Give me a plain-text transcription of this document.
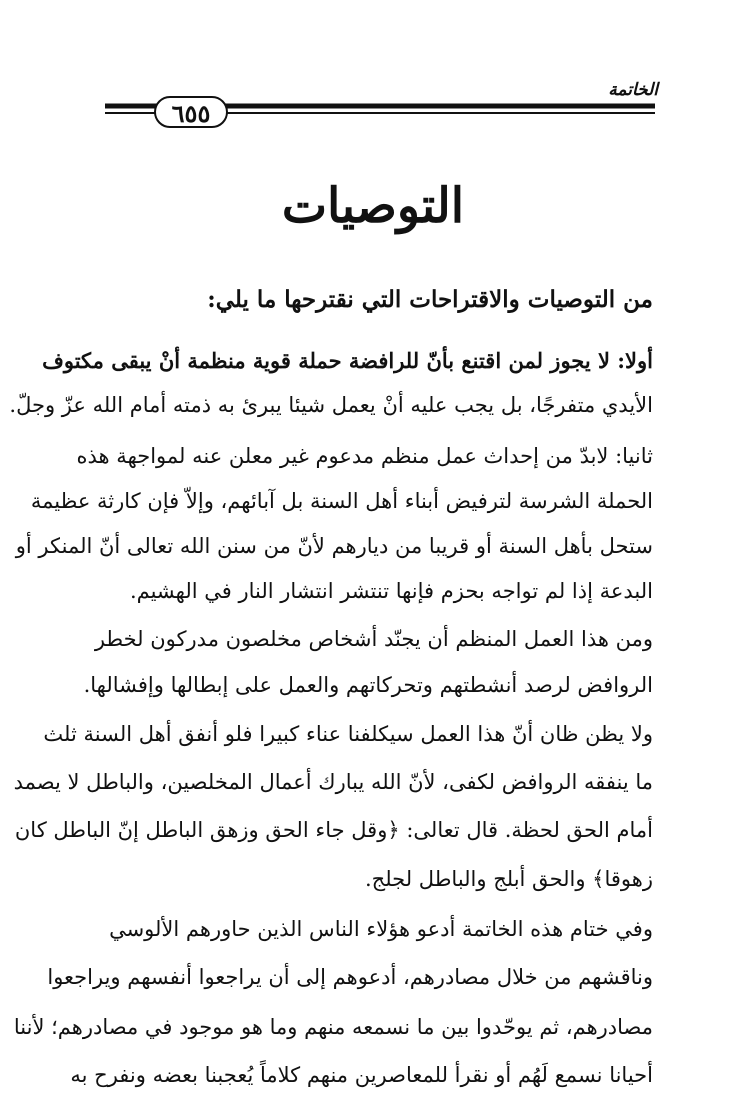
الخاتمة
٦٥٥
التوصيات
من التوصيات والاقتراحات التي نقترحها ما يلي:
أولا: لا يجوز لمن اقتنع بأنّ للرافضة حملة قوية منظمة أنْ يبقى مكتوف
الأيدي متفرجًا، بل يجب عليه أنْ يعمل شيئا يبرئ به ذمته أمام الله عزّ وجلّ.
ثانيا: لابدّ من إحداث عمل منظم مدعوم غير معلن عنه لمواجهة هذه
الحملة الشرسة لترفيض أبناء أهل السنة بل آبائهم، وإلاّ فإن كارثة عظيمة
ستحل بأهل السنة أو قريبا من ديارهم لأنّ من سنن الله تعالى أنّ المنكر أو
البدعة إذا لم تواجه بحزم فإنها تنتشر انتشار النار في الهشيم.
ومن هذا العمل المنظم أن يجنّد أشخاص مخلصون مدركون لخطر
الروافض لرصد أنشطتهم وتحركاتهم والعمل على إبطالها وإفشالها.
ولا يظن ظان أنّ هذا العمل سيكلفنا عناء كبيرا فلو أنفق أهل السنة ثلث
ما ينفقه الروافض لكفى، لأنّ الله يبارك أعمال المخلصين، والباطل لا يصمد
أمام الحق لحظة. قال تعالى: ﴿وقل جاء الحق وزهق الباطل إنّ الباطل كان
زهوقا﴾ والحق أبلج والباطل لجلج.
وفي ختام هذه الخاتمة أدعو هؤلاء الناس الذين حاورهم الألوسي
وناقشهم من خلال مصادرهم، أدعوهم إلى أن يراجعوا أنفسهم ويراجعوا
مصادرهم، ثم يوحّدوا بين ما نسمعه منهم وما هو موجود في مصادرهم؛ لأننا
أحيانا نسمع لَهُم أو نقرأ للمعاصرين منهم كلاماً يُعجبنا بعضه ونفرح به
